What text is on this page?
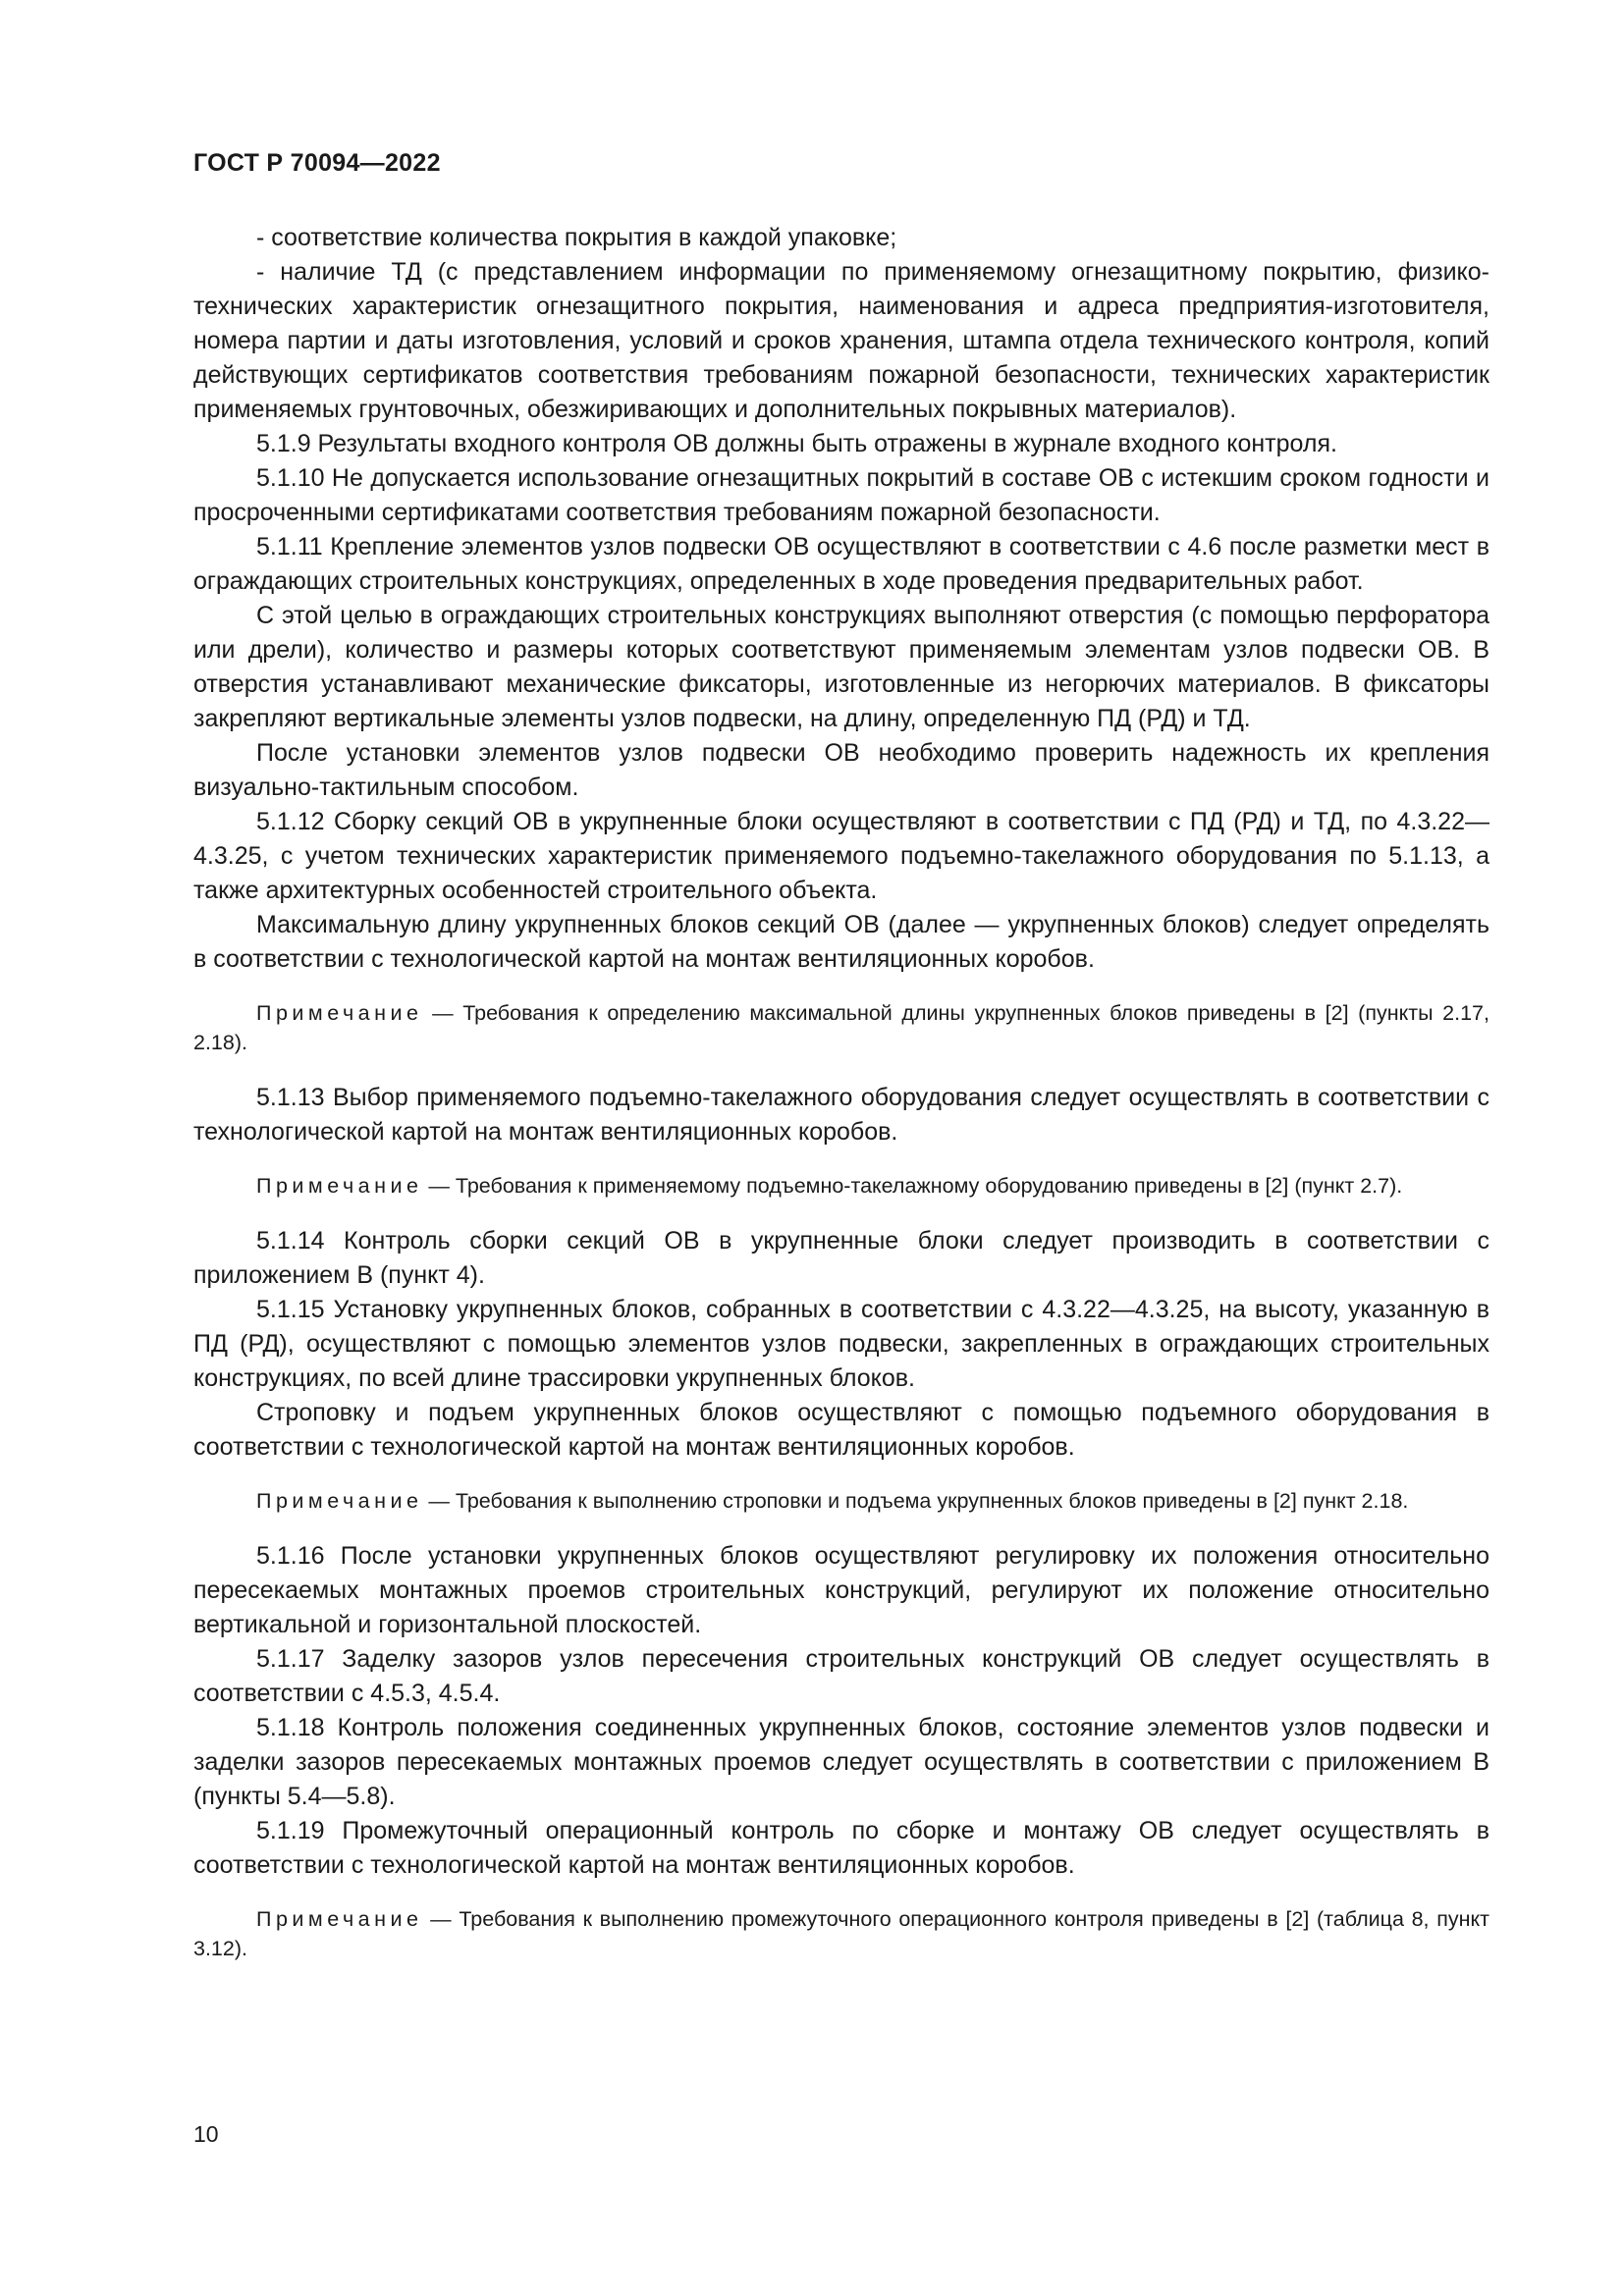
ГОСТ Р 70094—2022

- соответствие количества покрытия в каждой упаковке;

- наличие ТД (с представлением информации по применяемому огнезащитному покрытию, физико-технических характеристик огнезащитного покрытия, наименования и адреса предприятия-изготовителя, номера партии и даты изготовления, условий и сроков хранения, штампа отдела технического контроля, копий действующих сертификатов соответствия требованиям пожарной безопасности, технических характеристик применяемых грунтовочных, обезжиривающих и дополнительных покрывных материалов).

5.1.9 Результаты входного контроля ОВ должны быть отражены в журнале входного контроля.

5.1.10 Не допускается использование огнезащитных покрытий в составе ОВ с истекшим сроком годности и просроченными сертификатами соответствия требованиям пожарной безопасности.

5.1.11 Крепление элементов узлов подвески ОВ осуществляют в соответствии с 4.6 после разметки мест в ограждающих строительных конструкциях, определенных в ходе проведения предварительных работ.

С этой целью в ограждающих строительных конструкциях выполняют отверстия (с помощью перфоратора или дрели), количество и размеры которых соответствуют применяемым элементам узлов подвески ОВ. В отверстия устанавливают механические фиксаторы, изготовленные из негорючих материалов. В фиксаторы закрепляют вертикальные элементы узлов подвески, на длину, определенную ПД (РД) и ТД.

После установки элементов узлов подвески ОВ необходимо проверить надежность их крепления визуально-тактильным способом.

5.1.12 Сборку секций ОВ в укрупненные блоки осуществляют в соответствии с ПД (РД) и ТД, по 4.3.22—4.3.25, с учетом технических характеристик применяемого подъемно-такелажного оборудования по 5.1.13, а также архитектурных особенностей строительного объекта.

Максимальную длину укрупненных блоков секций ОВ (далее — укрупненных блоков) следует определять в соответствии с технологической картой на монтаж вентиляционных коробов.

Примечание — Требования к определению максимальной длины укрупненных блоков приведены в [2] (пункты 2.17, 2.18).

5.1.13 Выбор применяемого подъемно-такелажного оборудования следует осуществлять в соответствии с технологической картой на монтаж вентиляционных коробов.

Примечание — Требования к применяемому подъемно-такелажному оборудованию приведены в [2] (пункт 2.7).

5.1.14 Контроль сборки секций ОВ в укрупненные блоки следует производить в соответствии с приложением В (пункт 4).

5.1.15 Установку укрупненных блоков, собранных в соответствии с 4.3.22—4.3.25, на высоту, указанную в ПД (РД), осуществляют с помощью элементов узлов подвески, закрепленных в ограждающих строительных конструкциях, по всей длине трассировки укрупненных блоков.

Строповку и подъем укрупненных блоков осуществляют с помощью подъемного оборудования в соответствии с технологической картой на монтаж вентиляционных коробов.

Примечание — Требования к выполнению строповки и подъема укрупненных блоков приведены в [2] пункт 2.18.

5.1.16 После установки укрупненных блоков осуществляют регулировку их положения относительно пересекаемых монтажных проемов строительных конструкций, регулируют их положение относительно вертикальной и горизонтальной плоскостей.

5.1.17 Заделку зазоров узлов пересечения строительных конструкций ОВ следует осуществлять в соответствии с 4.5.3, 4.5.4.

5.1.18 Контроль положения соединенных укрупненных блоков, состояние элементов узлов подвески и заделки зазоров пересекаемых монтажных проемов следует осуществлять в соответствии с приложением В (пункты 5.4—5.8).

5.1.19 Промежуточный операционный контроль по сборке и монтажу ОВ следует осуществлять в соответствии с технологической картой на монтаж вентиляционных коробов.

Примечание — Требования к выполнению промежуточного операционного контроля приведены в [2] (таблица 8, пункт 3.12).

10
